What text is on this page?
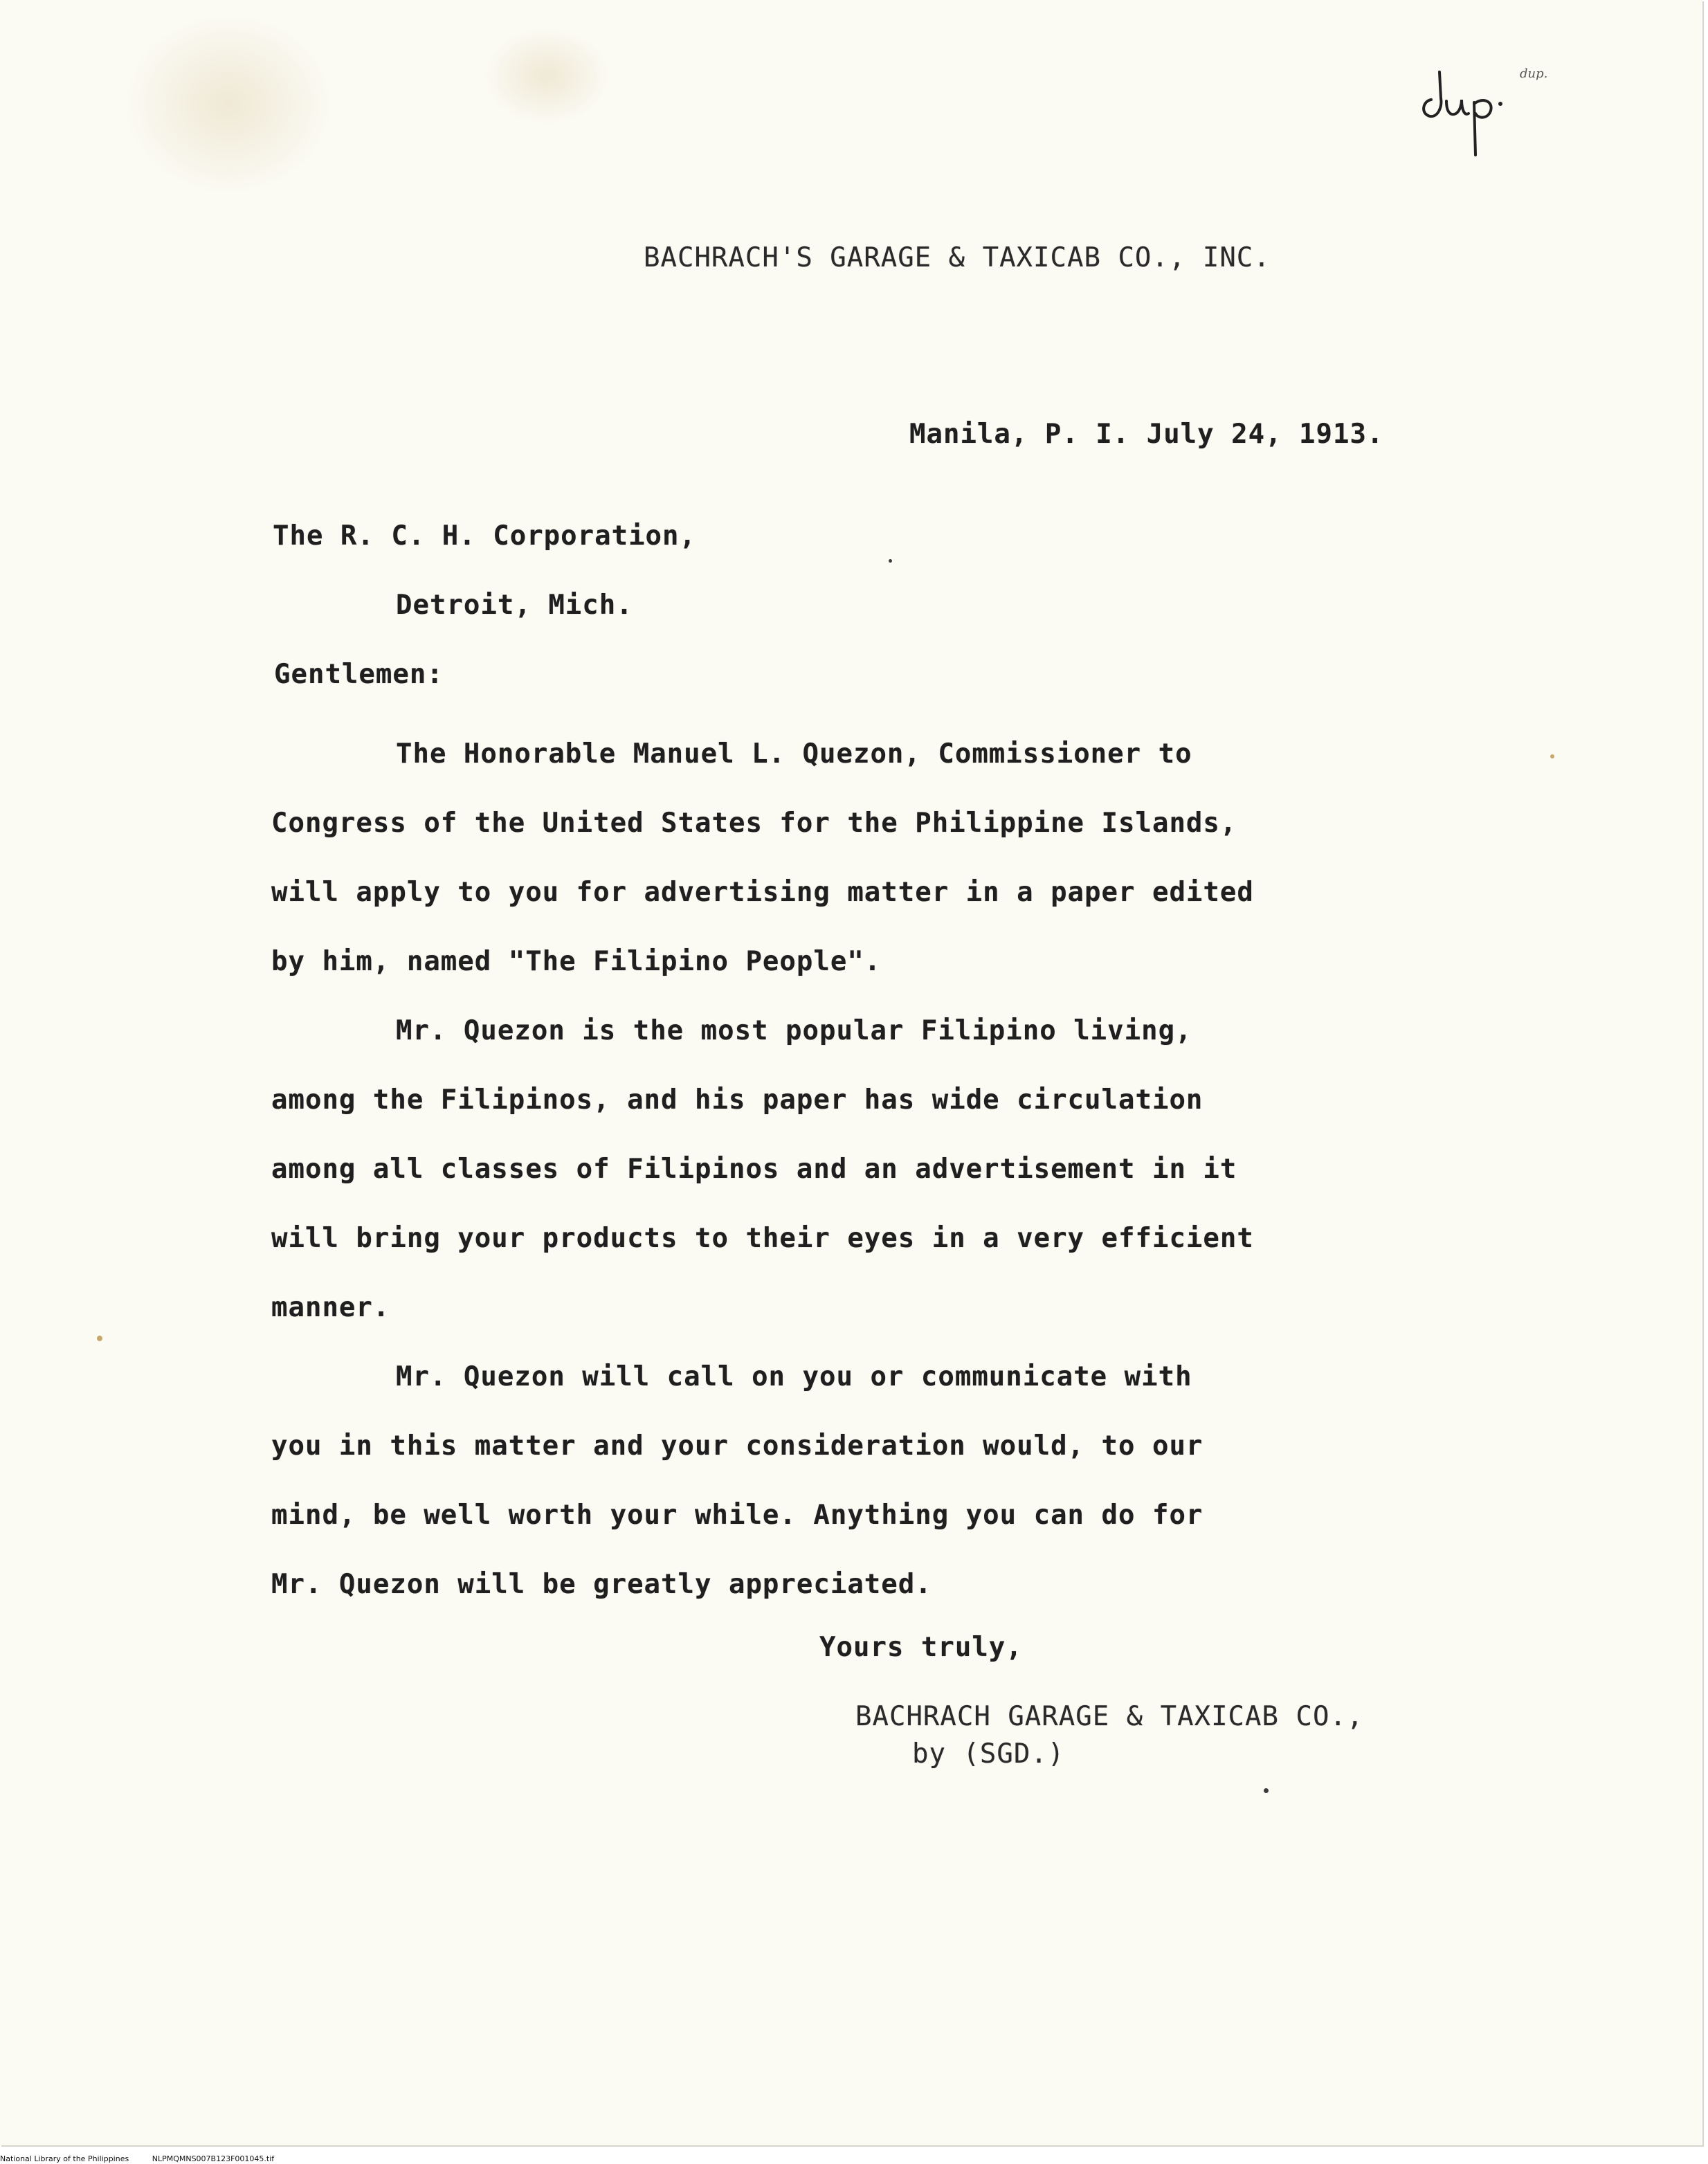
BACHRACH'S GARAGE & TAXICAB CO., INC.

Manila, P. I. July 24, 1913.

The R. C. H. Corporation,

Detroit, Mich.

Gentlemen:

The Honorable Manuel L. Quezon, Commissioner to

Congress of the United States for the Philippine Islands,

will apply to you for advertising matter in a paper edited

by him, named "The Filipino People".

Mr. Quezon is the most popular Filipino living,

among the Filipinos, and his paper has wide circulation

among all classes of Filipinos and an advertisement in it

will bring your products to their eyes in a very efficient

manner.

Mr. Quezon will call on you or communicate with

you in this matter and your consideration would, to our

mind, be well worth your while. Anything you can do for

Mr. Quezon will be greatly appreciated.

Yours truly,

BACHRACH GARAGE & TAXICAB CO.,

by (SGD.)

National Library of the Philippines	NLPMQMNS007B123F001045.tif
dup.
